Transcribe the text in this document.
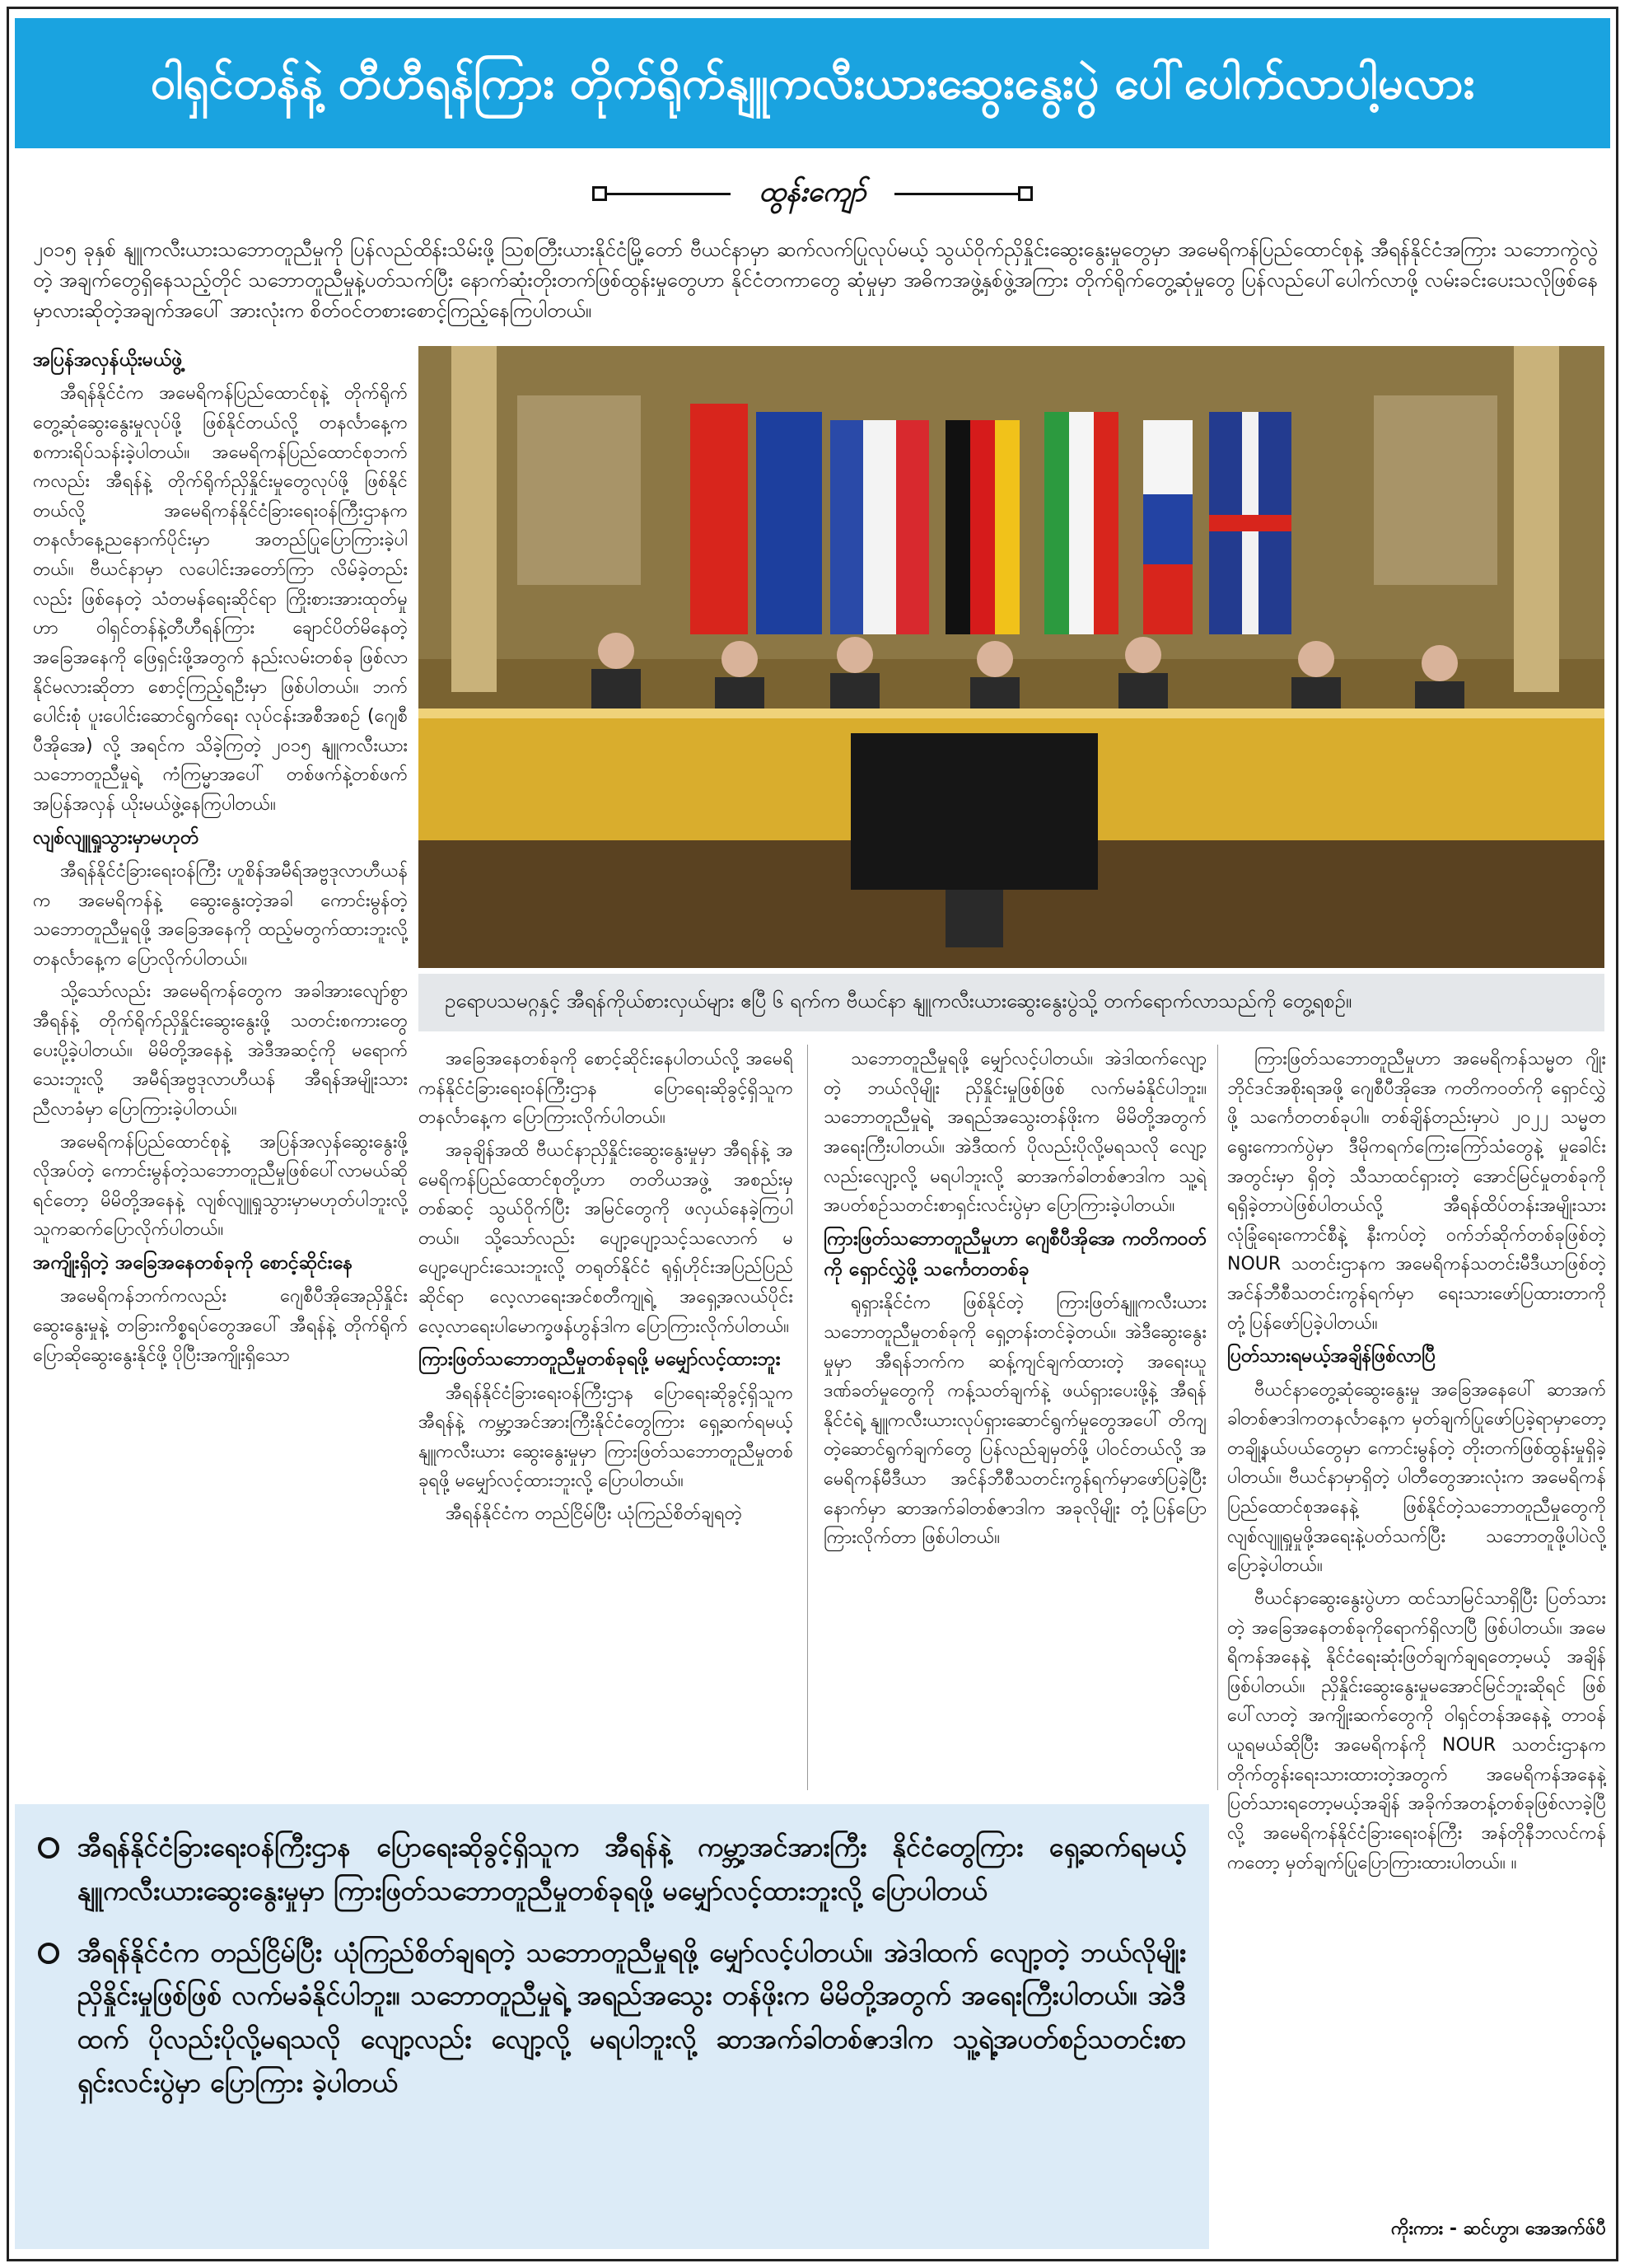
ဝါရှင်တန်နဲ့ တီဟီရန်ကြား တိုက်ရိုက်နျူကလီးယားဆွေးနွေးပွဲ ပေါ်ပေါက်လာပါ့မလား
ထွန်းကျော်
၂၀၁၅ ခုနှစ် နျူကလီးယားသဘောတူညီမှုကို ပြန်လည်ထိန်းသိမ်းဖို့ ဩစတြီးယားနိုင်ငံမြို့တော် ဗီယင်နာမှာ ဆက်လက်ပြုလုပ်မယ့် သွယ်ဝိုက်ညှိနှိုင်းဆွေးနွေးမှုတွေမှာ အမေရိကန်ပြည်ထောင်စုနဲ့ အီရန်နိုင်ငံအကြား သဘောကွဲလွဲတဲ့ အချက်တွေရှိနေသည့်တိုင် သဘောတူညီမှုနဲ့ပတ်သက်ပြီး နောက်ဆုံးတိုးတက်ဖြစ်ထွန်းမှုတွေဟာ နိုင်ငံတကာတွေ ဆုံမှုမှာ အဓိကအဖွဲ့နှစ်ဖွဲ့အကြား တိုက်ရိုက်တွေ့ဆုံမှုတွေ ပြန်လည်ပေါ်ပေါက်လာဖို့ လမ်းခင်းပေးသလိုဖြစ်နေမှာလားဆိုတဲ့အချက်အပေါ် အားလုံးက စိတ်ဝင်တစားစောင့်ကြည့်နေကြပါတယ်။
အပြန်အလှန်ယိုးမယ်ဖွဲ့

အီရန်နိုင်ငံက အမေရိကန်ပြည်ထောင်စုနဲ့ တိုက်ရိုက်တွေ့ဆုံဆွေးနွေးမှုလုပ်ဖို့ ဖြစ်နိုင်တယ်လို့ တနင်္လာနေ့က စကားရိပ်သန်းခဲ့ပါတယ်။ အမေရိကန်ပြည်ထောင်စုဘက်ကလည်း အီရန်နဲ့ တိုက်ရိုက်ညှိနှိုင်းမှုတွေလုပ်ဖို့ ဖြစ်နိုင်တယ်လို့ အမေရိကန်နိုင်ငံခြားရေးဝန်ကြီးဌာနက တနင်္လာနေ့ညနောက်ပိုင်းမှာ အတည်ပြုပြောကြားခဲ့ပါတယ်။ ဗီယင်နာမှာ လပေါင်းအတော်ကြာ လိမ်ခဲ့တည်းလည်း ဖြစ်နေတဲ့ သံတမန်ရေးဆိုင်ရာ ကြိုးစားအားထုတ်မှုဟာ ဝါရှင်တန်နဲ့တီဟီရန်ကြား ချောင်ပိတ်မိနေတဲ့ အခြေအနေကို ဖြေရှင်းဖို့အတွက် နည်းလမ်းတစ်ခု ဖြစ်လာနိုင်မလားဆိုတာ စောင့်ကြည့်ရဦးမှာ ဖြစ်ပါတယ်။ ဘက်ပေါင်းစုံ ပူးပေါင်းဆောင်ရွက်ရေး လုပ်ငန်းအစီအစဉ် (ဂျေစီပီအိုအေ) လို့ အရင်က သိခဲ့ကြတဲ့ ၂၀၁၅ နျူကလီးယားသဘောတူညီမှုရဲ့ ကံကြမ္မာအပေါ် တစ်ဖက်နဲ့တစ်ဖက် အပြန်အလှန် ယိုးမယ်ဖွဲ့နေကြပါတယ်။

လျစ်လျူရှုသွားမှာမဟုတ်

အီရန်နိုင်ငံခြားရေးဝန်ကြီး ဟူစိန်အမီရ်အဗ္ဗဒုလာဟီယန်က အမေရိကန်နဲ့ ဆွေးနွေးတဲ့အခါ ကောင်းမွန်တဲ့ သဘောတူညီမှုရဖို့ အခြေအနေကို ထည့်မတွက်ထားဘူးလို့ တနင်္လာနေ့က ပြောလိုက်ပါတယ်။

သို့သော်လည်း အမေရိကန်တွေက အခါအားလျော်စွာ အီရန်နဲ့ တိုက်ရိုက်ညှိနှိုင်းဆွေးနွေးဖို့ သတင်းစကားတွေ ပေးပို့ခဲ့ပါတယ်။ မိမိတို့အနေနဲ့ အဲဒီအဆင့်ကို မရောက်သေးဘူးလို့ အမီရ်အဗ္ဗဒုလာဟီယန် အီရန်အမျိုးသားညီလာခံမှာ ပြောကြားခဲ့ပါတယ်။

အမေရိကန်ပြည်ထောင်စုနဲ့ အပြန်အလှန်ဆွေးနွေးဖို့လိုအပ်တဲ့ ကောင်းမွန်တဲ့သဘောတူညီမှုဖြစ်ပေါ်လာမယ်ဆိုရင်တော့ မိမိတို့အနေနဲ့ လျစ်လျူရှုသွားမှာမဟုတ်ပါဘူးလို့ သူကဆက်ပြောလိုက်ပါတယ်။

အကျိုးရှိတဲ့ အခြေအနေတစ်ခုကို စောင့်ဆိုင်းနေ

အမေရိကန်ဘက်ကလည်း ဂျေစီပီအိုအေညှိနှိုင်းဆွေးနွေးမှုနဲ့ တခြားကိစ္စရပ်တွေအပေါ် အီရန်နဲ့ တိုက်ရိုက်ပြောဆိုဆွေးနွေးနိုင်ဖို့ ပိုပြီးအကျိုးရှိသော

ဥရောပသမဂ္ဂနှင့် အီရန်ကိုယ်စားလှယ်များ ဧပြီ ၆ ရက်က ဗီယင်နာ နျူကလီးယားဆွေးနွေးပွဲသို့ တက်ရောက်လာသည်ကို တွေ့ရစဉ်။

အခြေအနေတစ်ခုကို စောင့်ဆိုင်းနေပါတယ်လို့ အမေရိကန်နိုင်ငံခြားရေးဝန်ကြီးဌာန ပြောရေးဆိုခွင့်ရှိသူက တနင်္လာနေ့က ပြောကြားလိုက်ပါတယ်။

အခုချိန်အထိ ဗီယင်နာညှိနှိုင်းဆွေးနွေးမှုမှာ အီရန်နဲ့ အမေရိကန်ပြည်ထောင်စုတို့ဟာ တတိယအဖွဲ့ အစည်းမှတစ်ဆင့် သွယ်ဝိုက်ပြီး အမြင်တွေကို ဖလှယ်နေခဲ့ကြပါတယ်။ သို့သော်လည်း ပျော့ပျော့သင့်သလောက် မပျော့ပျောင်းသေးဘူးလို့ တရုတ်နိုင်ငံ ရုရှ်ဟိုင်းအပြည်ပြည်ဆိုင်ရာ လေ့လာရေးအင်စတီကျုရဲ့ အရှေ့အလယ်ပိုင်းလေ့လာရေးပါမောက္ခဖန်ဟွန်ဒါက ပြောကြားလိုက်ပါတယ်။

ကြားဖြတ်သဘောတူညီမှုတစ်ခုရဖို့ မမျှော်လင့်ထားဘူး

အီရန်နိုင်ငံခြားရေးဝန်ကြီးဌာန ပြောရေးဆိုခွင့်ရှိသူက အီရန်နဲ့ ကမ္ဘာ့အင်အားကြီးနိုင်ငံတွေကြား ရှေ့ဆက်ရမယ့် နျူကလီးယား ဆွေးနွေးမှုမှာ ကြားဖြတ်သဘောတူညီမှုတစ်ခုရဖို့ မမျှော်လင့်ထားဘူးလို့ ပြောပါတယ်။

အီရန်နိုင်ငံက တည်ငြိမ်ပြီး ယုံကြည်စိတ်ချရတဲ့

သဘောတူညီမှုရဖို့ မျှော်လင့်ပါတယ်။ အဲဒါထက်လျော့တဲ့ ဘယ်လိုမျိုး ညှိနှိုင်းမှုဖြစ်ဖြစ် လက်မခံနိုင်ပါဘူး။ သဘောတူညီမှုရဲ့ အရည်အသွေးတန်ဖိုးက မိမိတို့အတွက် အရေးကြီးပါတယ်။ အဲဒီထက် ပိုလည်းပိုလို့မရသလို လျော့လည်းလျော့လို့ မရပါဘူးလို့ ဆာအက်ခါတစ်ဇာဒါက သူ့ရဲ့အပတ်စဉ်သတင်းစာရှင်းလင်းပွဲမှာ ပြောကြားခဲ့ပါတယ်။

ကြားဖြတ်သဘောတူညီမှုဟာ ဂျေစီပီအိုအေ ကတိကဝတ်ကို ရှောင်လွှဲဖို့ သင်္ကေတတစ်ခု

ရုရှားနိုင်ငံက ဖြစ်နိုင်တဲ့ ကြားဖြတ်နျူကလီးယားသဘောတူညီမှုတစ်ခုကို ရှေ့တန်းတင်ခဲ့တယ်။ အဲဒီဆွေးနွေးမှုမှာ အီရန်ဘက်က ဆန့်ကျင်ချက်ထားတဲ့ အရေးယူဒဏ်ခတ်မှုတွေကို ကန့်သတ်ချက်နဲ့ ဖယ်ရှားပေးဖို့နဲ့ အီရန်နိုင်ငံရဲ့ နျူကလီးယားလုပ်ရှားဆောင်ရွက်မှုတွေအပေါ် တိကျတဲ့ဆောင်ရွက်ချက်တွေ ပြန်လည်ချမှတ်ဖို့ ပါဝင်တယ်လို့ အမေရိကန်မီဒီယာ အင်န်ဘီစီသတင်းကွန်ရက်မှာဖော်ပြခဲ့ပြီးနောက်မှာ ဆာအက်ခါတစ်ဇာဒါက အခုလိုမျိုး တုံ့ပြန်ပြောကြားလိုက်တာ ဖြစ်ပါတယ်။

ကြားဖြတ်သဘောတူညီမှုဟာ အမေရိကန်သမ္မတ ဂျိုးဘိုင်ဒင်အစိုးရအဖို့ ဂျေစီပီအိုအေ ကတိကဝတ်ကို ရှောင်လွှဲဖို့ သင်္ကေတတစ်ခုပါ။ တစ်ချိန်တည်းမှာပဲ ၂၀၂၂ သမ္မတရွေးကောက်ပွဲမှာ ဒီမိုကရက်ကြေးကြော်သံတွေနဲ့ မှုခေါင်းအတွင်းမှာ ရှိတဲ့ သီသာထင်ရှားတဲ့ အောင်မြင်မှုတစ်ခုကို ရရှိခဲ့တာပဲဖြစ်ပါတယ်လို့ အီရန်ထိပ်တန်းအမျိုးသားလုံခြုံရေးကောင်စီနဲ့ နီးကပ်တဲ့ ဝက်ဘ်ဆိုက်တစ်ခုဖြစ်တဲ့ NOUR သတင်းဌာနက အမေရိကန်သတင်းမီဒီယာဖြစ်တဲ့ အင်န်ဘီစီသတင်းကွန်ရက်မှာ ရေးသားဖော်ပြထားတာကို တုံ့ပြန်ဖော်ပြခဲ့ပါတယ်။

ပြတ်သားရမယ့်အချိန်ဖြစ်လာပြီ

ဗီယင်နာတွေ့ဆုံဆွေးနွေးမှု အခြေအနေပေါ် ဆာအက်ခါတစ်ဇာဒါကတနင်္လာနေ့က မှတ်ချက်ပြုဖော်ပြခဲ့ရာမှာတော့ တချို့နယ်ပယ်တွေမှာ ကောင်းမွန်တဲ့ တိုးတက်ဖြစ်ထွန်းမှုရှိခဲ့ပါတယ်။ ဗီယင်နာမှာရှိတဲ့ ပါတီတွေအားလုံးက အမေရိကန်ပြည်ထောင်စုအနေနဲ့ ဖြစ်နိုင်တဲ့သဘောတူညီမှုတွေကို လျစ်လျူရှုမှုဖို့အရေးနဲ့ပတ်သက်ပြီး သဘောတူဖို့ပါပဲလို့ ပြောခဲ့ပါတယ်။

ဗီယင်နာဆွေးနွေးပွဲဟာ ထင်သာမြင်သာရှိပြီး ပြတ်သားတဲ့ အခြေအနေတစ်ခုကိုရောက်ရှိလာပြီ ဖြစ်ပါတယ်။ အမေရိကန်အနေနဲ့ နိုင်ငံရေးဆုံးဖြတ်ချက်ချရတော့မယ့် အချိန်ဖြစ်ပါတယ်။ ညှိနှိုင်းဆွေးနွေးမှုမအောင်မြင်ဘူးဆိုရင် ဖြစ်ပေါ်လာတဲ့ အကျိုးဆက်တွေကို ဝါရှင်တန်အနေနဲ့ တာဝန်ယူရမယ်ဆိုပြီး အမေရိကန်ကို NOUR သတင်းဌာနက တိုက်တွန်းရေးသားထားတဲ့အတွက် အမေရိကန်အနေနဲ့ ပြတ်သားရတော့မယ့်အချိန် အခိုက်အတန့်တစ်ခုဖြစ်လာခဲ့ပြီလို့ အမေရိကန်နိုင်ငံခြားရေးဝန်ကြီး အန်တိုနီဘလင်ကန်ကတော့ မှတ်ချက်ပြုပြောကြားထားပါတယ်။ ။

အီရန်နိုင်ငံခြားရေးဝန်ကြီးဌာန ပြောရေးဆိုခွင့်ရှိသူက အီရန်နဲ့ ကမ္ဘာ့အင်အားကြီး နိုင်ငံတွေကြား ရှေ့ဆက်ရမယ့် နျူကလီးယားဆွေးနွေးမှုမှာ ကြားဖြတ်သဘောတူညီမှုတစ်ခုရဖို့ မမျှော်လင့်ထားဘူးလို့ ပြောပါတယ်
အီရန်နိုင်ငံက တည်ငြိမ်ပြီး ယုံကြည်စိတ်ချရတဲ့ သဘောတူညီမှုရဖို့ မျှော်လင့်ပါတယ်။ အဲဒါထက် လျော့တဲ့ ဘယ်လိုမျိုး ညှိနှိုင်းမှုဖြစ်ဖြစ် လက်မခံနိုင်ပါဘူး။ သဘောတူညီမှုရဲ့ အရည်အသွေး တန်ဖိုးက မိမိတို့အတွက် အရေးကြီးပါတယ်။ အဲဒီထက် ပိုလည်းပိုလို့မရသလို လျော့လည်း လျော့လို့ မရပါဘူးလို့ ဆာအက်ခါတစ်ဇာဒါက သူ့ရဲ့အပတ်စဉ်သတင်းစာရှင်းလင်းပွဲမှာ ပြောကြား ခဲ့ပါတယ်
ကိုးကား - ဆင်ဟွာ၊ အေအက်ဖ်ပီ
